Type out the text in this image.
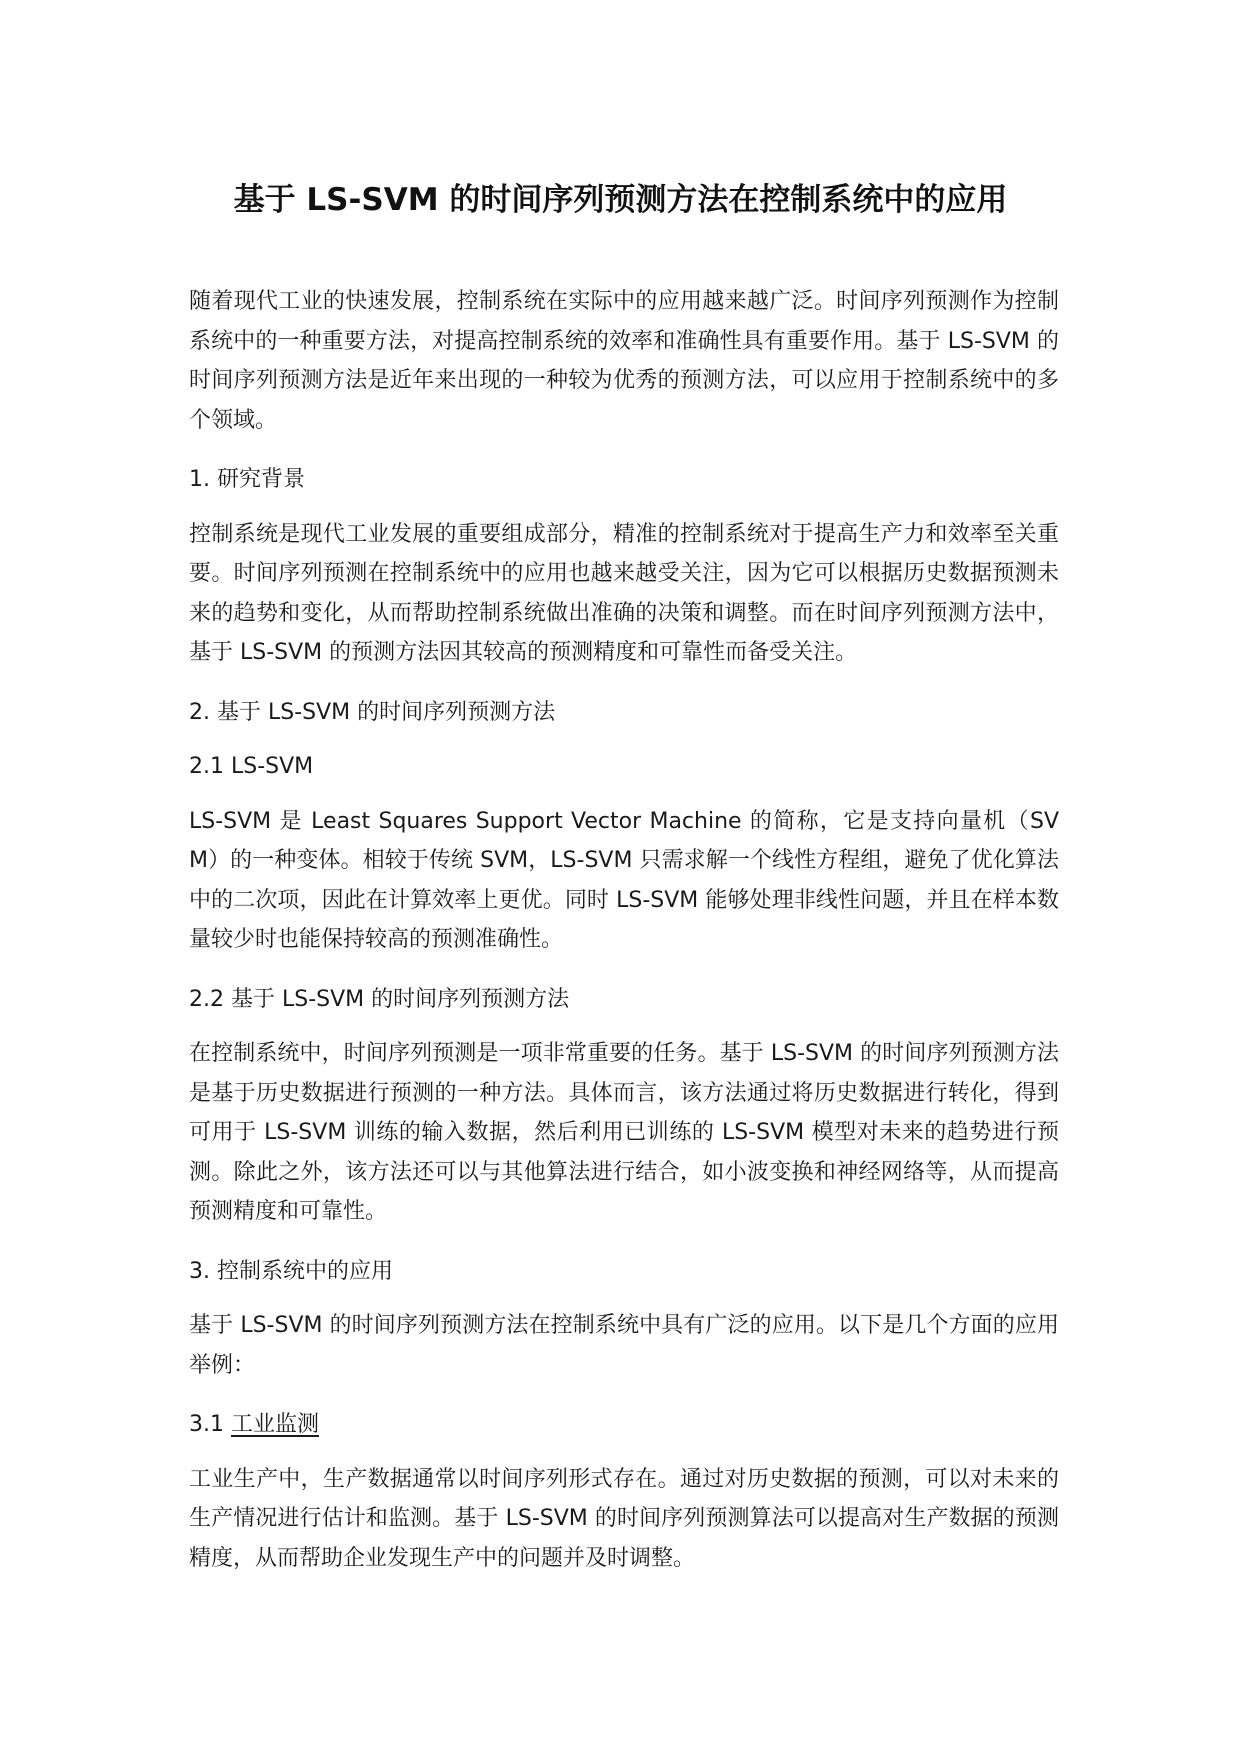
基于 LS-SVM 的时间序列预测方法在控制系统中的应用

随着现代工业的快速发展，控制系统在实际中的应用越来越广泛。时间序列预测作为控制系统中的一种重要方法，对提高控制系统的效率和准确性具有重要作用。基于 LS-SVM 的时间序列预测方法是近年来出现的一种较为优秀的预测方法，可以应用于控制系统中的多个领域。

1. 研究背景

控制系统是现代工业发展的重要组成部分，精准的控制系统对于提高生产力和效率至关重要。时间序列预测在控制系统中的应用也越来越受关注，因为它可以根据历史数据预测未来的趋势和变化，从而帮助控制系统做出准确的决策和调整。而在时间序列预测方法中，基于 LS-SVM 的预测方法因其较高的预测精度和可靠性而备受关注。

2. 基于 LS-SVM 的时间序列预测方法
2.1 LS-SVM

LS-SVM 是 Least Squares Support Vector Machine 的简称，它是支持向量机（SVM）的一种变体。相较于传统 SVM，LS-SVM 只需求解一个线性方程组，避免了优化算法中的二次项，因此在计算效率上更优。同时 LS-SVM 能够处理非线性问题，并且在样本数量较少时也能保持较高的预测准确性。

2.2 基于 LS-SVM 的时间序列预测方法

在控制系统中，时间序列预测是一项非常重要的任务。基于 LS-SVM 的时间序列预测方法是基于历史数据进行预测的一种方法。具体而言，该方法通过将历史数据进行转化，得到可用于 LS-SVM 训练的输入数据，然后利用已训练的 LS-SVM 模型对未来的趋势进行预测。除此之外，该方法还可以与其他算法进行结合，如小波变换和神经网络等，从而提高预测精度和可靠性。

3. 控制系统中的应用

基于 LS-SVM 的时间序列预测方法在控制系统中具有广泛的应用。以下是几个方面的应用举例：

3.1 工业监测

工业生产中，生产数据通常以时间序列形式存在。通过对历史数据的预测，可以对未来的生产情况进行估计和监测。基于 LS-SVM 的时间序列预测算法可以提高对生产数据的预测精度，从而帮助企业发现生产中的问题并及时调整。
